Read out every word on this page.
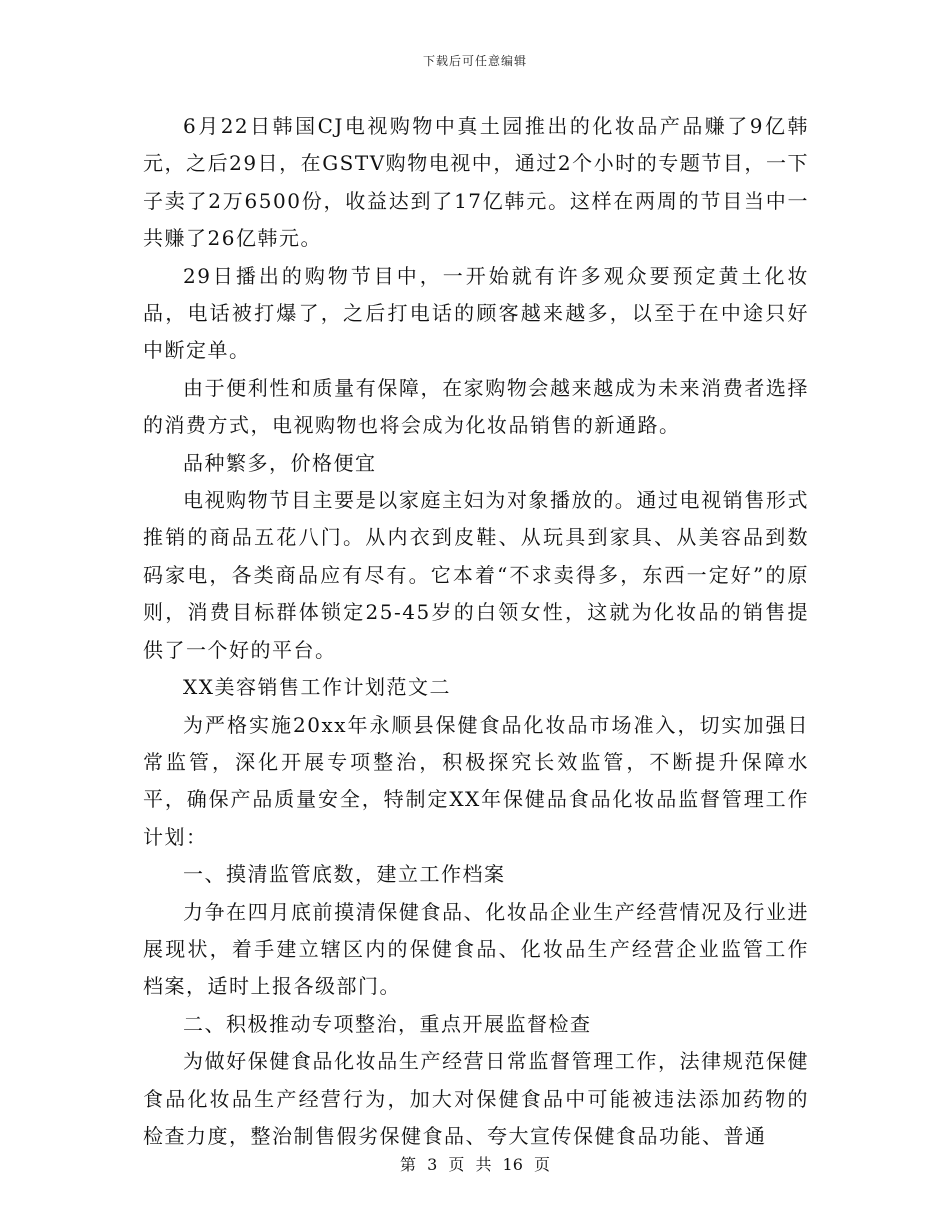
下载后可任意编辑

6月22日韩国CJ电视购物中真土园推出的化妆品产品赚了9亿韩元，之后29日，在GSTV购物电视中，通过2个小时的专题节目，一下子卖了2万6500份，收益达到了17亿韩元。这样在两周的节目当中一共赚了26亿韩元。

29日播出的购物节目中，一开始就有许多观众要预定黄土化妆品，电话被打爆了，之后打电话的顾客越来越多，以至于在中途只好中断定单。

由于便利性和质量有保障，在家购物会越来越成为未来消费者选择的消费方式，电视购物也将会成为化妆品销售的新通路。

品种繁多，价格便宜

电视购物节目主要是以家庭主妇为对象播放的。通过电视销售形式推销的商品五花八门。从内衣到皮鞋、从玩具到家具、从美容品到数码家电，各类商品应有尽有。它本着“不求卖得多，东西一定好”的原则，消费目标群体锁定25-45岁的白领女性，这就为化妆品的销售提供了一个好的平台。

XX美容销售工作计划范文二

为严格实施20xx年永顺县保健食品化妆品市场准入，切实加强日常监管，深化开展专项整治，积极探究长效监管，不断提升保障水平，确保产品质量安全，特制定XX年保健品食品化妆品监督管理工作计划：

一、摸清监管底数，建立工作档案

力争在四月底前摸清保健食品、化妆品企业生产经营情况及行业进展现状，着手建立辖区内的保健食品、化妆品生产经营企业监管工作档案，适时上报各级部门。

二、积极推动专项整治，重点开展监督检查

为做好保健食品化妆品生产经营日常监督管理工作，法律规范保健食品化妆品生产经营行为，加大对保健食品中可能被违法添加药物的检查力度，整治制售假劣保健食品、夸大宣传保健食品功能、普通

第 3 页 共 16 页
